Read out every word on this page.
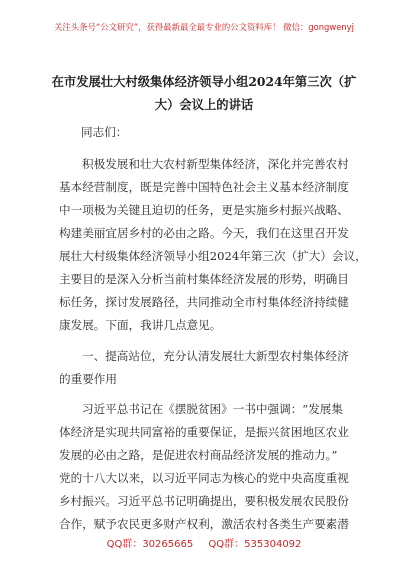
关注头条号“公文研究”，获得最新最全最专业的公文资料库！ 微信：gongwenyj
在市发展壮大村级集体经济领导小组2024年第三次（扩
大）会议上的讲话
同志们：
积极发展和壮大农村新型集体经济，深化并完善农村
基本经营制度，既是完善中国特色社会主义基本经济制度
中一项极为关键且迫切的任务，更是实施乡村振兴战略、
构建美丽宜居乡村的必由之路。今天，我们在这里召开发
展壮大村级集体经济领导小组2024年第三次（扩大）会议，
主要目的是深入分析当前村集体经济发展的形势，明确目
标任务，探讨发展路径，共同推动全市村集体经济持续健
康发展。下面，我讲几点意见。
一、提高站位，充分认清发展壮大新型农村集体经济
的重要作用
习近平总书记在《摆脱贫困》一书中强调：“发展集
体经济是实现共同富裕的重要保证，是振兴贫困地区农业
发展的必由之路，是促进农村商品经济发展的推动力。”
党的十八大以来，以习近平同志为核心的党中央高度重视
乡村振兴。习近平总书记明确提出，要积极发展农民股份
合作，赋予农民更多财产权利，激活农村各类生产要素潜
QQ群：30265665 QQ群：535304092
